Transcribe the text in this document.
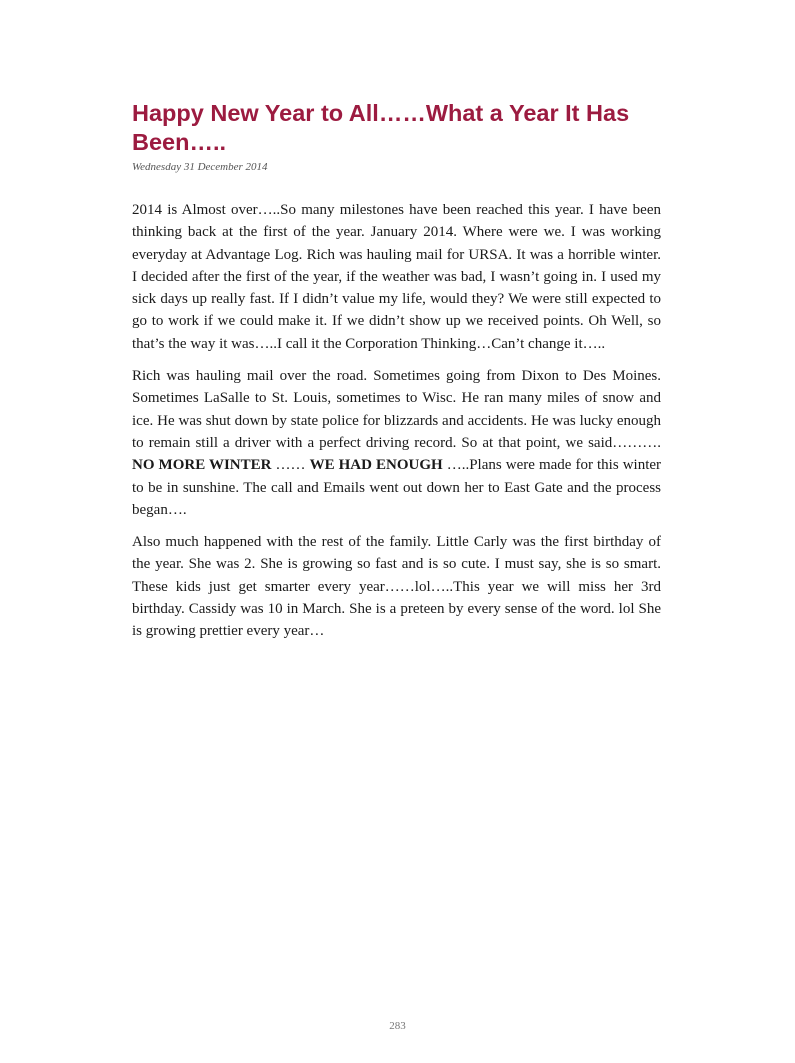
Happy New Year to All……What a Year It Has Been…..

Wednesday 31 December 2014

2014 is Almost over…..So many milestones have been reached this year. I have been thinking back at the first of the year. January 2014. Where were we. I was working everyday at Advantage Log. Rich was hauling mail for URSA. It was a horrible winter. I decided after the first of the year, if the weather was bad, I wasn’t going in. I used my sick days up really fast. If I didn’t value my life, would they? We were still expected to go to work if we could make it. If we didn’t show up we received points. Oh Well, so that’s the way it was…..I call it the Corporation Thinking…Can’t change it…..

Rich was hauling mail over the road. Sometimes going from Dixon to Des Moines. Sometimes LaSalle to St. Louis, sometimes to Wisc. He ran many miles of snow and ice. He was shut down by state police for blizzards and accidents. He was lucky enough to remain still a driver with a perfect driving record. So at that point, we said………. NO MORE WINTER …… WE HAD ENOUGH …..Plans were made for this winter to be in sunshine. The call and Emails went out down her to East Gate and the process began….

Also much happened with the rest of the family. Little Carly was the first birthday of the year. She was 2. She is growing so fast and is so cute. I must say, she is so smart. These kids just get smarter every year……lol…..This year we will miss her 3rd birthday. Cassidy was 10 in March. She is a preteen by every sense of the word. lol She is growing prettier every year…

283
